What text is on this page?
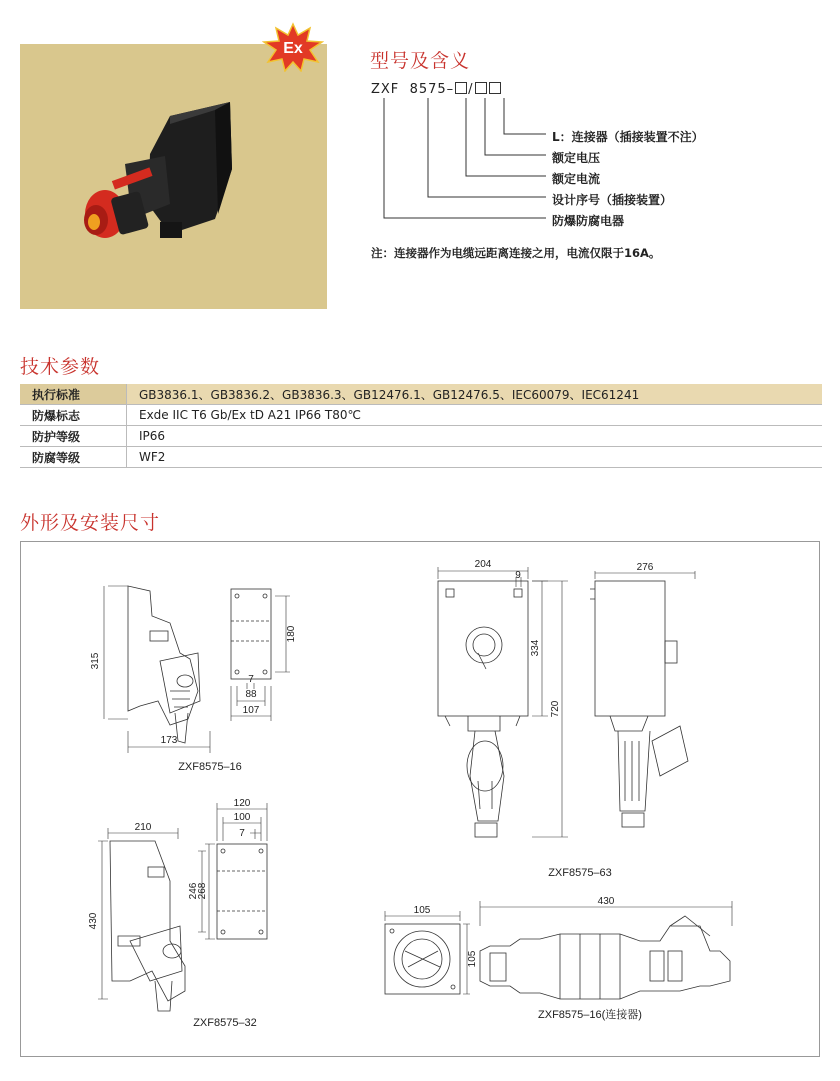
Ex
型号及含义
ZXF 8575– /
L：连接器（插接装置不注）
额定电压
额定电流
设计序号（插接装置）
防爆防腐电器
注：连接器作为电缆远距离连接之用，电流仅限于16A。
技术参数
执行标准	GB3836.1、GB3836.2、GB3836.3、GB12476.1、GB12476.5、IEC60079、IEC61241
防爆标志	Exde IIC T6 Gb/Ex tD A21 IP66 T80℃
防护等级	IP66
防腐等级	WF2
外形及安装尺寸
315
180
173
107
88
7
ZXF8575–16
204
9
334
720
276
ZXF8575–63
210
430
120
100
7
268
246
ZXF8575–32
105
105
430
ZXF8575–16(连接器)
